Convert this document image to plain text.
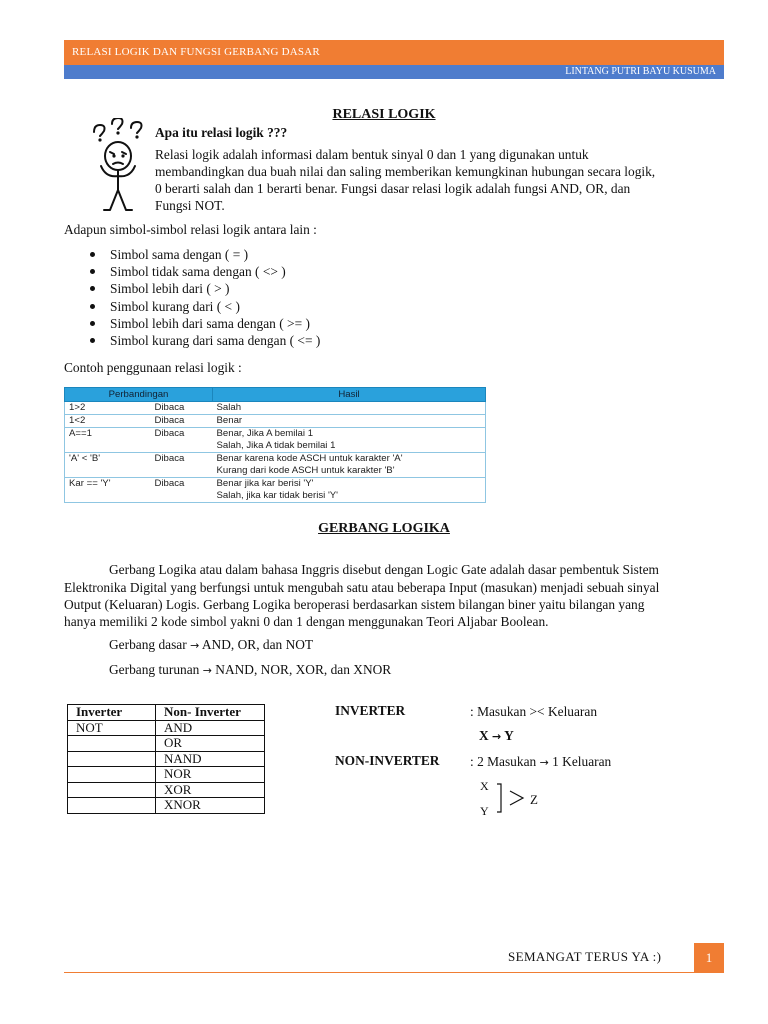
RELASI LOGIK DAN FUNGSI GERBANG DASAR
LINTANG PUTRI BAYU KUSUMA
RELASI LOGIK
Apa itu relasi logik ???
Relasi logik adalah informasi dalam bentuk sinyal 0 dan 1 yang digunakan untuk
membandingkan dua buah nilai dan saling memberikan kemungkinan hubungan secara logik,
0 berarti salah dan 1 berarti benar. Fungsi dasar relasi logik adalah fungsi AND, OR, dan
Fungsi NOT.
Adapun simbol-simbol relasi logik antara lain :
Simbol sama dengan ( = )
Simbol tidak sama dengan ( <> )
Simbol lebih dari ( > )
Simbol kurang dari ( < )
Simbol lebih dari sama dengan ( >= )
Simbol kurang dari sama dengan ( <= )
Contoh penggunaan relasi logik :
Perbandingan		Hasil
1>2	Dibaca	Salah
1<2	Dibaca	Benar
A==1	Dibaca	Benar, Jika A bemilai 1
Salah, Jika A tidak bemilai 1

'A' < 'B'	Dibaca	Benar karena kode ASCH untuk karakter 'A'
Kurang dari kode ASCH untuk karakter 'B'

Kar == 'Y'	Dibaca	Benar jika kar berisi 'Y'
Salah, jika kar tidak berisi 'Y'
GERBANG LOGIKA
Gerbang Logika atau dalam bahasa Inggris disebut dengan Logic Gate adalah dasar pembentuk Sistem
Elektronika Digital yang berfungsi untuk mengubah satu atau beberapa Input (masukan) menjadi sebuah sinyal
Output (Keluaran) Logis. Gerbang Logika beroperasi berdasarkan sistem bilangan biner yaitu bilangan yang
hanya memiliki 2 kode simbol yakni 0 dan 1 dengan menggunakan Teori Aljabar Boolean.
Gerbang dasar → AND, OR, dan NOT
Gerbang turunan → NAND, NOR, XOR, dan XNOR
Inverter	Non- Inverter
NOT	AND
	OR
	NAND
	NOR
	XOR
	XNOR
INVERTER	: Masukan >< Keluaran
X → Y
NON-INVERTER : 2 Masukan → 1 Keluaran
X
Y
Z
SEMANGAT TERUS YA :)	1
